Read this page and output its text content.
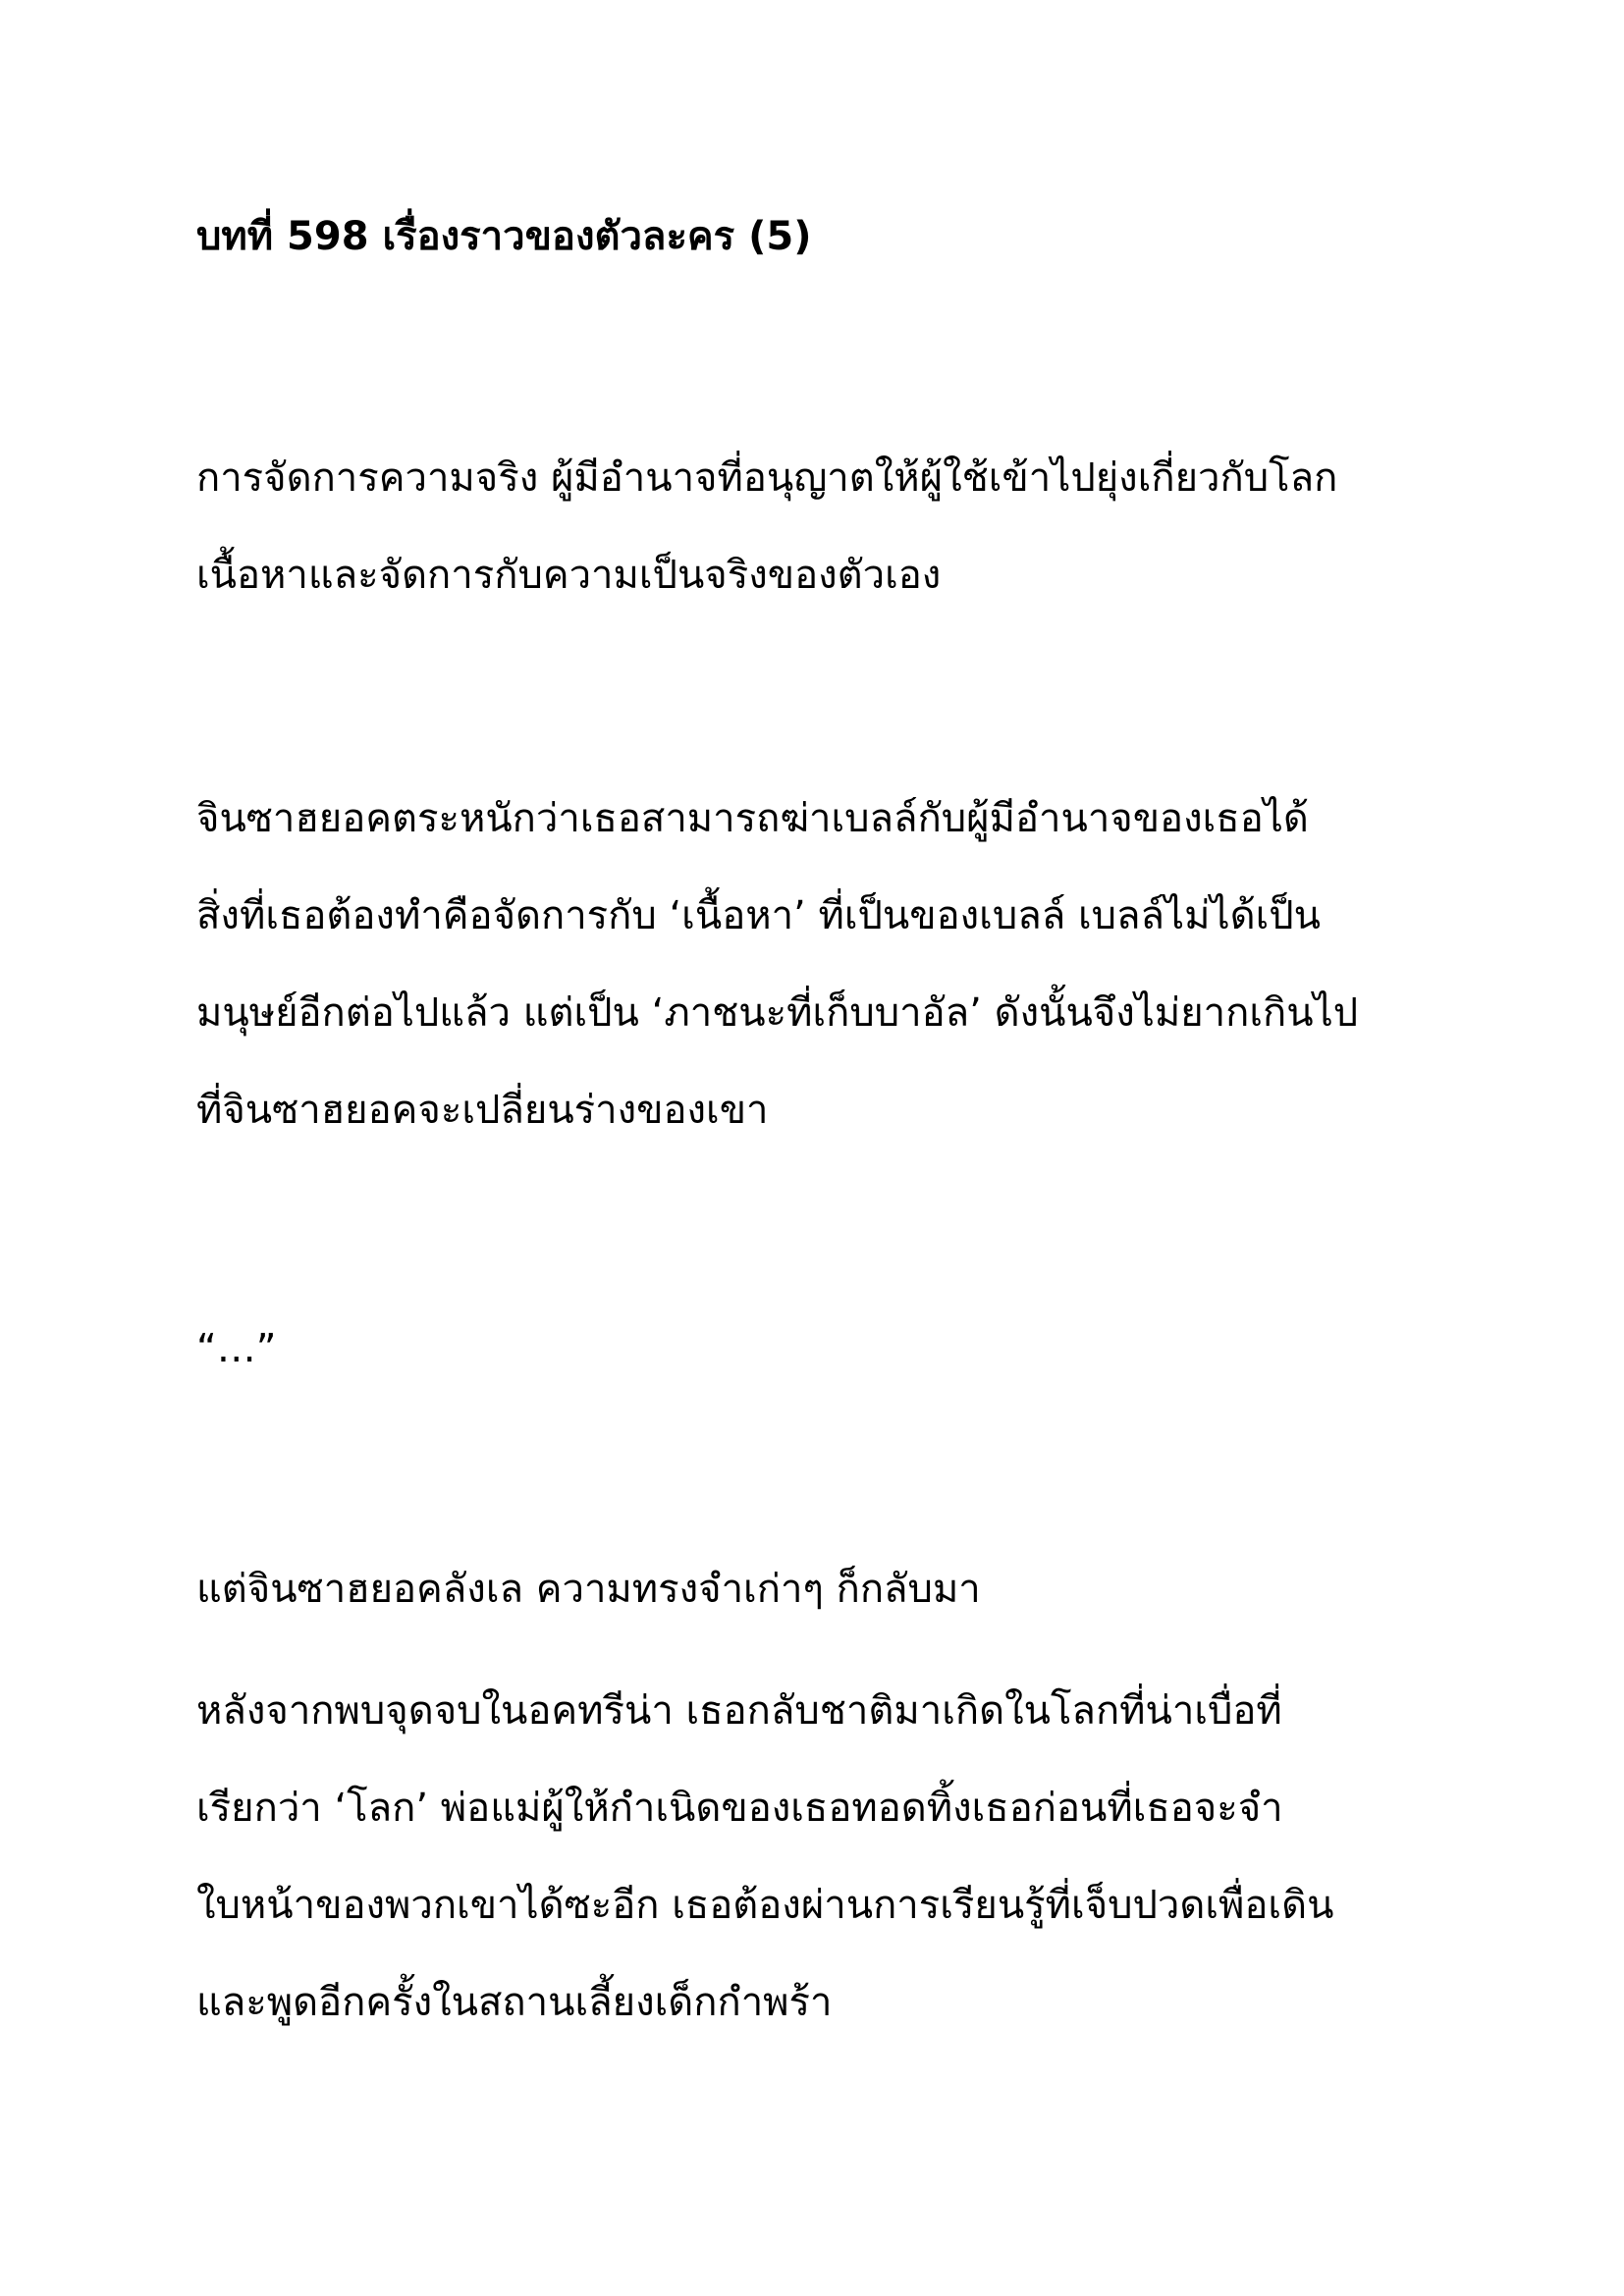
บทที่ 598 เรื่องราวของตัวละคร (5)
การจัดการความจริง ผู้มีอำนาจที่อนุญาตให้ผู้ใช้เข้าไปยุ่งเกี่ยวกับโลก
เนื้อหาและจัดการกับความเป็นจริงของตัวเอง
จินซาฮยอคตระหนักว่าเธอสามารถฆ่าเบลล์กับผู้มีอำนาจของเธอได้
สิ่งที่เธอต้องทำคือจัดการกับ ‘เนื้อหา’ ที่เป็นของเบลล์ เบลล์ไม่ได้เป็น
มนุษย์อีกต่อไปแล้ว แต่เป็น ‘ภาชนะที่เก็บบาอัล’ ดังนั้นจึงไม่ยากเกินไป
ที่จินซาฮยอคจะเปลี่ยนร่างของเขา
“…”
แต่จินซาฮยอคลังเล ความทรงจำเก่าๆ ก็กลับมา
หลังจากพบจุดจบในอคทรีน่า เธอกลับชาติมาเกิดในโลกที่น่าเบื่อที่
เรียกว่า ‘โลก’ พ่อแม่ผู้ให้กำเนิดของเธอทอดทิ้งเธอก่อนที่เธอจะจำ
ใบหน้าของพวกเขาได้ซะอีก เธอต้องผ่านการเรียนรู้ที่เจ็บปวดเพื่อเดิน
และพูดอีกครั้งในสถานเลี้ยงเด็กกำพร้า
